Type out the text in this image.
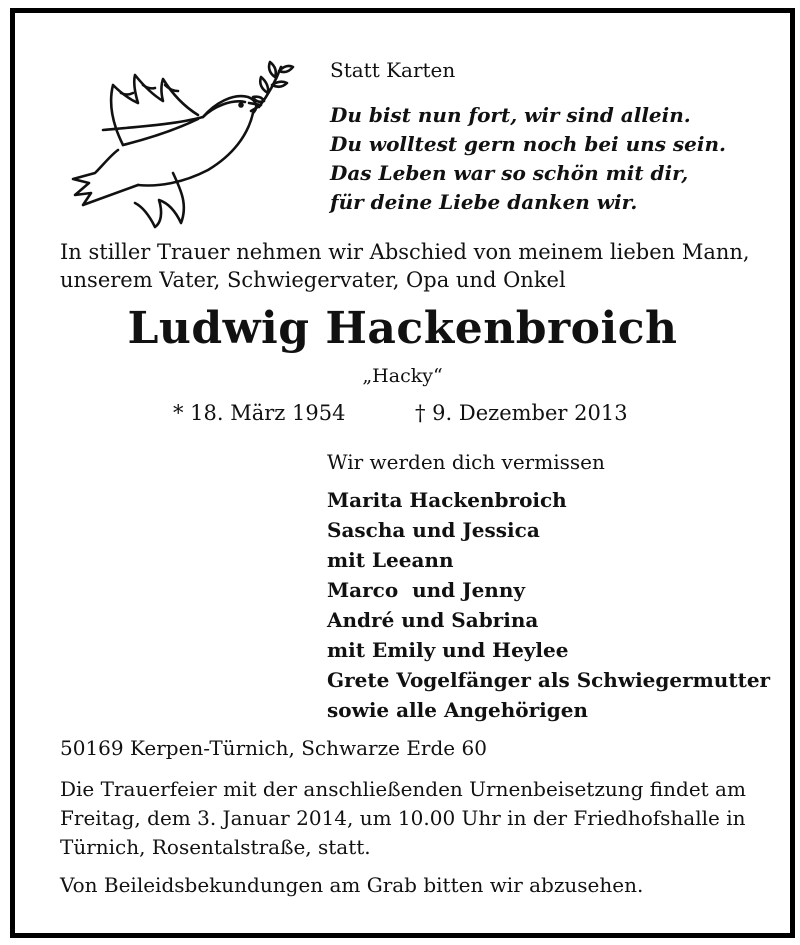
Statt Karten
Du bist nun fort, wir sind allein.
Du wolltest gern noch bei uns sein.
Das Leben war so schön mit dir,
für deine Liebe danken wir.
In stiller Trauer nehmen wir Abschied von meinem lieben Mann,
unserem Vater, Schwiegervater, Opa und Onkel
Ludwig Hackenbroich
„Hacky“
* 18. März 1954	† 9. Dezember 2013
Wir werden dich vermissen
Marita Hackenbroich
Sascha und Jessica
mit Leeann
Marco  und Jenny
André und Sabrina
mit Emily und Heylee
Grete Vogelfänger als Schwiegermutter
sowie alle Angehörigen
50169 Kerpen-Türnich, Schwarze Erde 60
Die Trauerfeier mit der anschließenden Urnenbeisetzung findet am
Freitag, dem 3. Januar 2014, um 10.00 Uhr in der Friedhofshalle in
Türnich, Rosentalstraße, statt.
Von Beileidsbekundungen am Grab bitten wir abzusehen.
